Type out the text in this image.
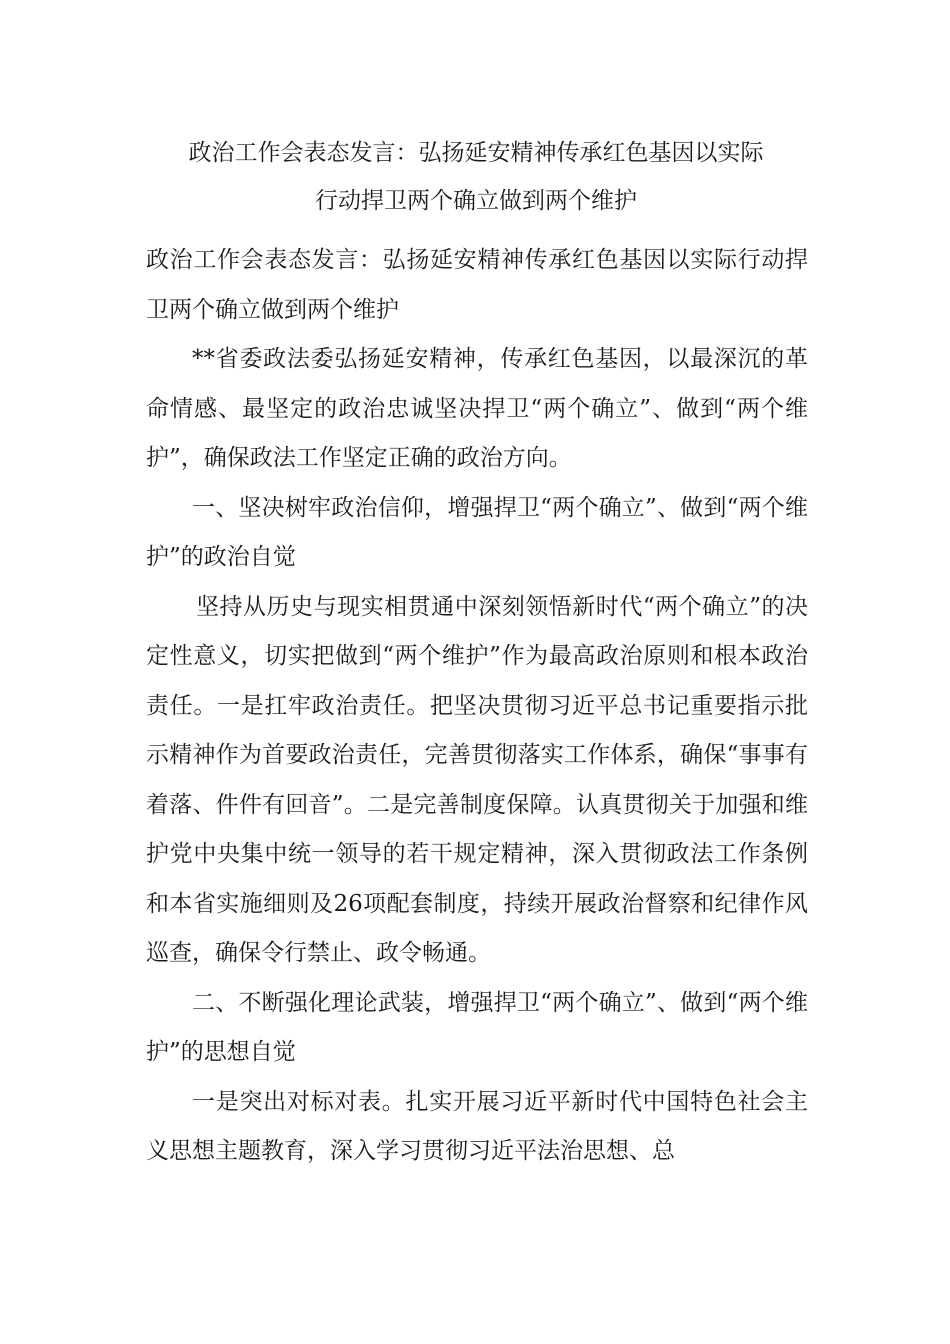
政治工作会表态发言：弘扬延安精神传承红色基因以实际
行动捍卫两个确立做到两个维护

政治工作会表态发言：弘扬延安精神传承红色基因以实际行动捍卫两个确立做到两个维护

**省委政法委弘扬延安精神，传承红色基因，以最深沉的革命情感、最坚定的政治忠诚坚决捍卫“两个确立”、做到“两个维护”，确保政法工作坚定正确的政治方向。

一、坚决树牢政治信仰，增强捍卫“两个确立”、做到“两个维护”的政治自觉

坚持从历史与现实相贯通中深刻领悟新时代“两个确立”的决定性意义，切实把做到“两个维护”作为最高政治原则和根本政治责任。一是扛牢政治责任。把坚决贯彻习近平总书记重要指示批示精神作为首要政治责任，完善贯彻落实工作体系，确保“事事有着落、件件有回音”。二是完善制度保障。认真贯彻关于加强和维护党中央集中统一领导的若干规定精神，深入贯彻政法工作条例和本省实施细则及26项配套制度，持续开展政治督察和纪律作风巡查，确保令行禁止、政令畅通。

二、不断强化理论武装，增强捍卫“两个确立”、做到“两个维护”的思想自觉

一是突出对标对表。扎实开展习近平新时代中国特色社会主义思想主题教育，深入学习贯彻习近平法治思想、总
